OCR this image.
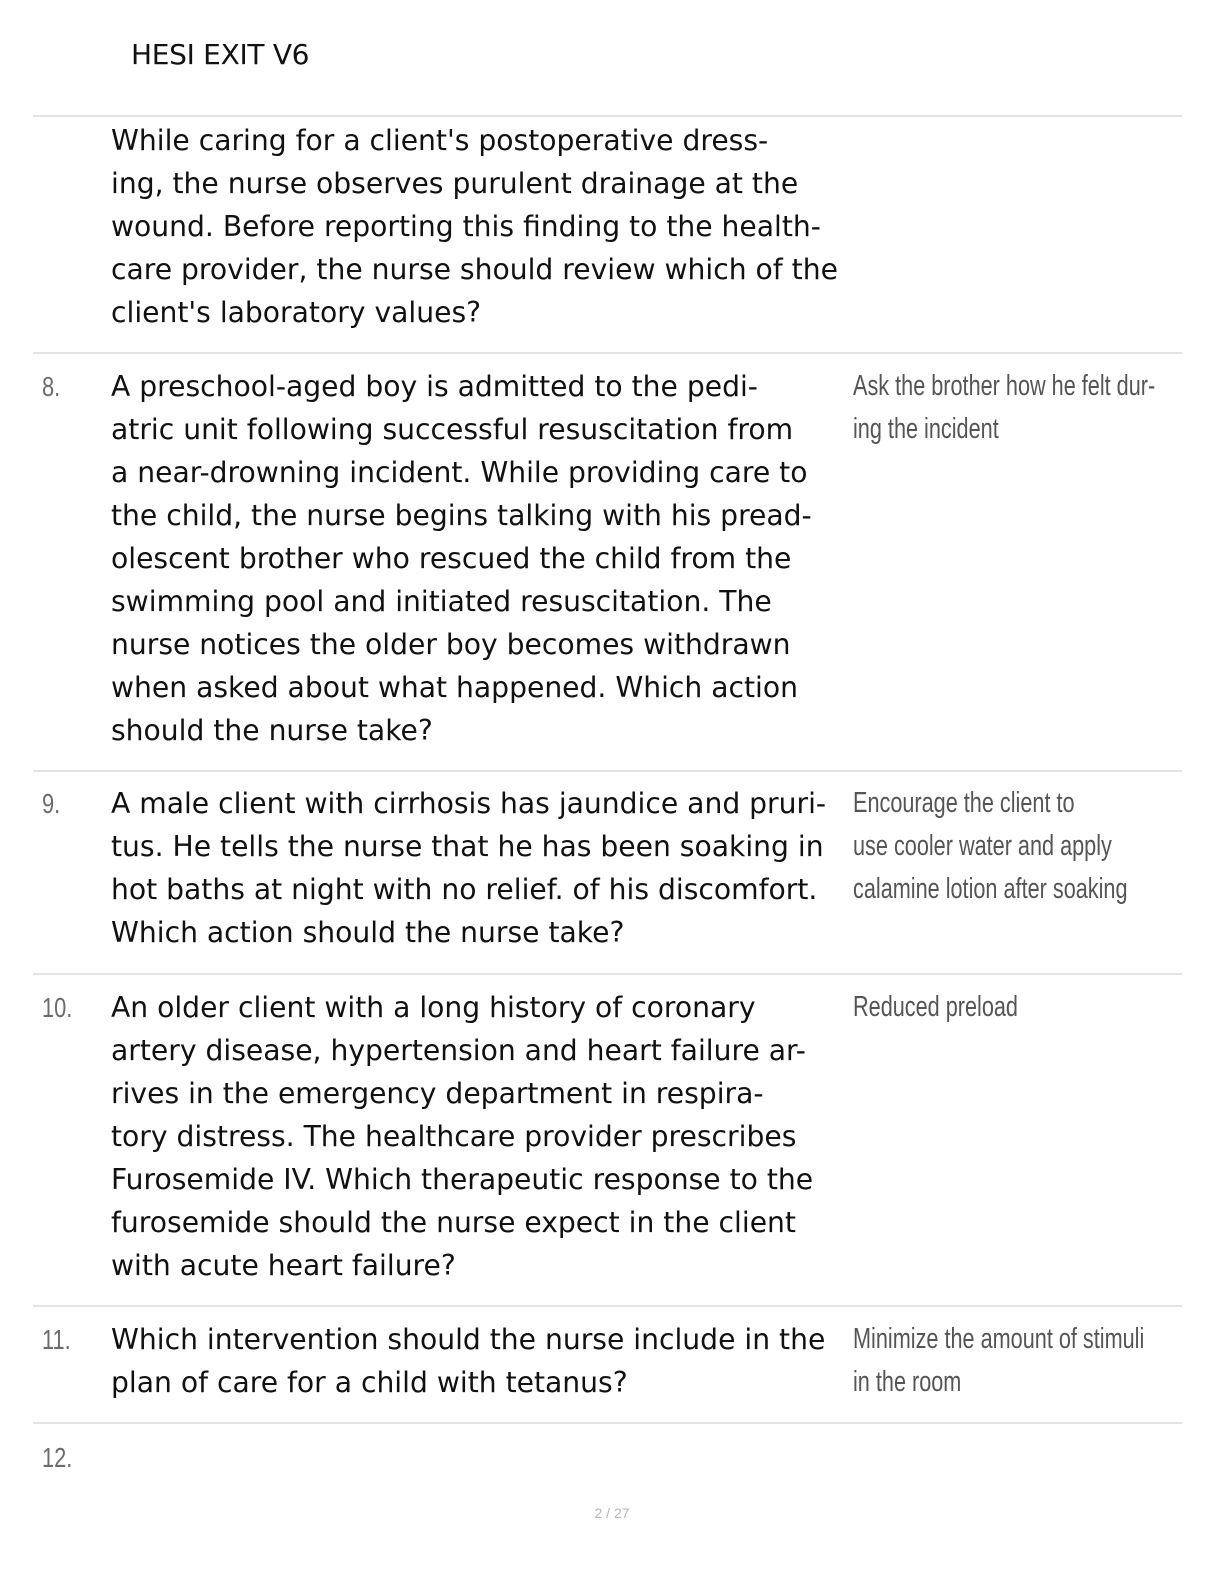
HESI EXIT V6
While caring for a client's postoperative dress-
ing, the nurse observes purulent drainage at the
wound. Before reporting this finding to the health-
care provider, the nurse should review which of the
client's laboratory values?
8. A preschool-aged boy is admitted to the pedi-
atric unit following successful resuscitation from
a near-drowning incident. While providing care to
the child, the nurse begins talking with his pread-
olescent brother who rescued the child from the
swimming pool and initiated resuscitation. The
nurse notices the older boy becomes withdrawn
when asked about what happened. Which action
should the nurse take?
Ask the brother how he felt dur-
ing the incident
9. A male client with cirrhosis has jaundice and pruri-
tus. He tells the nurse that he has been soaking in
hot baths at night with no relief. of his discomfort.
Which action should the nurse take?
Encourage the client to
use cooler water and apply
calamine lotion after soaking
10. An older client with a long history of coronary
artery disease, hypertension and heart failure ar-
rives in the emergency department in respira-
tory distress. The healthcare provider prescribes
Furosemide IV. Which therapeutic response to the
furosemide should the nurse expect in the client
with acute heart failure?
Reduced preload
11. Which intervention should the nurse include in the
plan of care for a child with tetanus?
Minimize the amount of stimuli
in the room
12.
2 / 27
